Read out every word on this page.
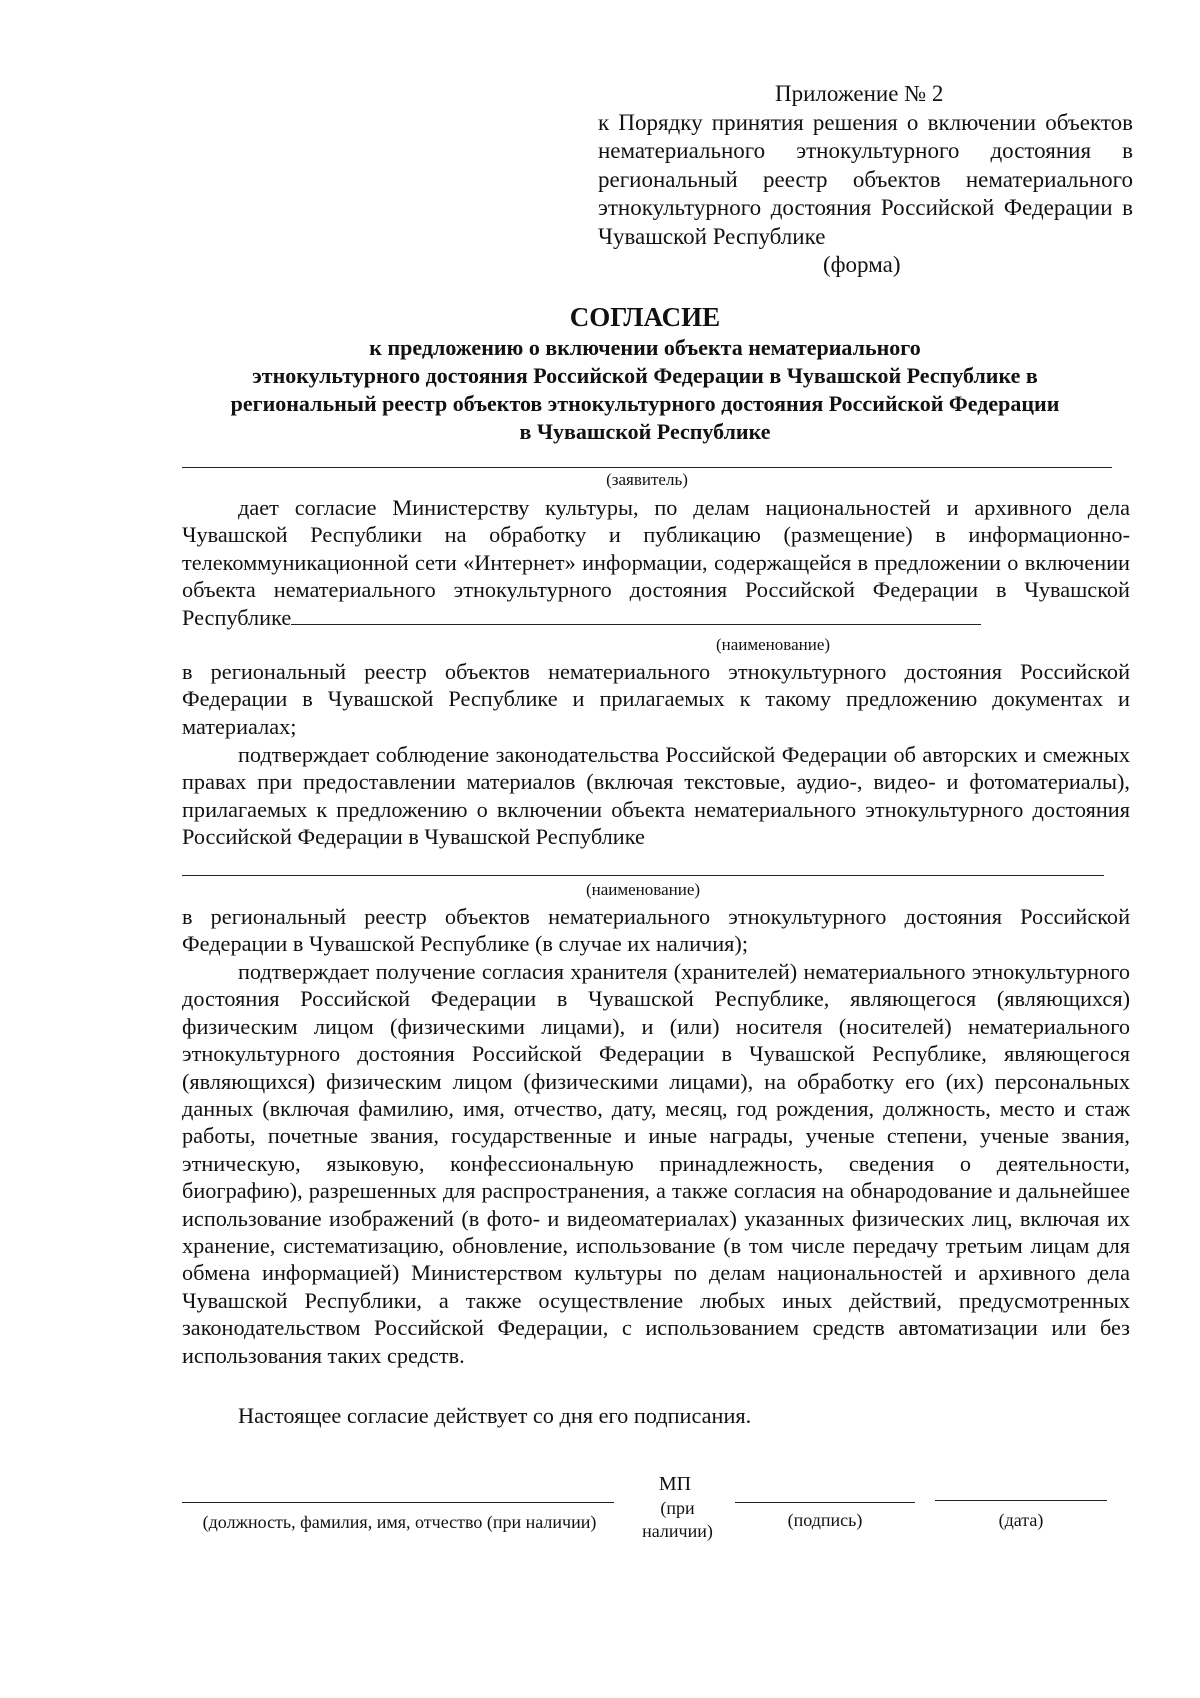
Приложение № 2
к Порядку принятия решения о включении объектов нематериального этнокультурного достояния в региональный реестр объектов нематериального этнокультурного достояния Российской Федерации в Чувашской Республике
(форма)
СОГЛАСИЕ
к предложению о включении объекта нематериального
этнокультурного достояния Российской Федерации в Чувашской Республике в
региональный реестр объектов этнокультурного достояния Российской Федерации
в Чувашской Республике
(заявитель)
дает согласие Министерству культуры, по делам национальностей и архивного дела Чувашской Республики на обработку и публикацию (размещение) в информационно-телекоммуникационной сети «Интернет» информации, содержащейся в предложении о включении объекта нематериального этнокультурного достояния Российской Федерации в Чувашской Республике
(наименование)
в региональный реестр объектов нематериального этнокультурного достояния Российской Федерации в Чувашской Республике и прилагаемых к такому предложению документах и материалах;
подтверждает соблюдение законодательства Российской Федерации об авторских и смежных правах при предоставлении материалов (включая текстовые, аудио-, видео- и фотоматериалы), прилагаемых к предложению о включении объекта нематериального этнокультурного достояния Российской Федерации в Чувашской Республике
(наименование)
в региональный реестр объектов нематериального этнокультурного достояния Российской Федерации в Чувашской Республике (в случае их наличия);
подтверждает получение согласия хранителя (хранителей) нематериального этнокультурного достояния Российской Федерации в Чувашской Республике, являющегося (являющихся) физическим лицом (физическими лицами), и (или) носителя (носителей) нематериального этнокультурного достояния Российской Федерации в Чувашской Республике, являющегося (являющихся) физическим лицом (физическими лицами), на обработку его (их) персональных данных (включая фамилию, имя, отчество, дату, месяц, год рождения, должность, место и стаж работы, почетные звания, государственные и иные награды, ученые степени, ученые звания, этническую, языковую, конфессиональную принадлежность, сведения о деятельности, биографию), разрешенных для распространения, а также согласия на обнародование и дальнейшее использование изображений (в фото- и видеоматериалах) указанных физических лиц, включая их хранение, систематизацию, обновление, использование (в том числе передачу третьим лицам для обмена информацией) Министерством культуры по делам национальностей и архивного дела Чувашской Республики, а также осуществление любых иных действий, предусмотренных законодательством Российской Федерации, с использованием средств автоматизации или без использования таких средств.
Настоящее согласие действует со дня его подписания.
(должность, фамилия, имя, отчество (при наличии)
МП
(при наличии)
(подпись)	(дата)
